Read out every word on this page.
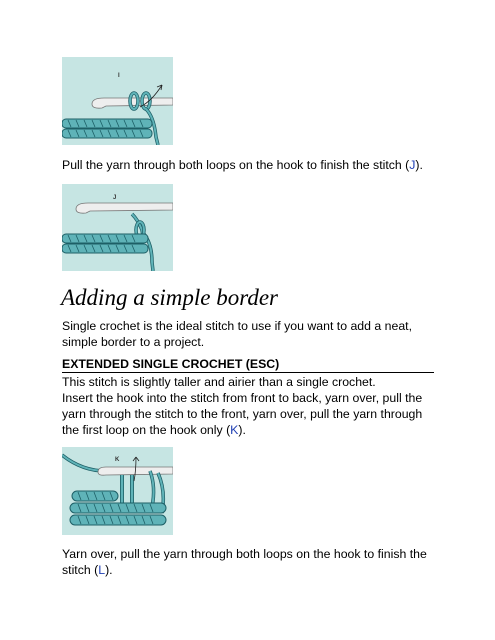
I

Pull the yarn through both loops on the hook to finish the stitch (J).

J
Adding a simple border

Single crochet is the ideal stitch to use if you want to add a neat, simple border to a project.

EXTENDED SINGLE CROCHET (ESC)

This stitch is slightly taller and airier than a single crochet.

Insert the hook into the stitch from front to back, yarn over, pull the yarn through the stitch to the front, yarn over, pull the yarn through the first loop on the hook only (K).

K

Yarn over, pull the yarn through both loops on the hook to finish the stitch (L).
